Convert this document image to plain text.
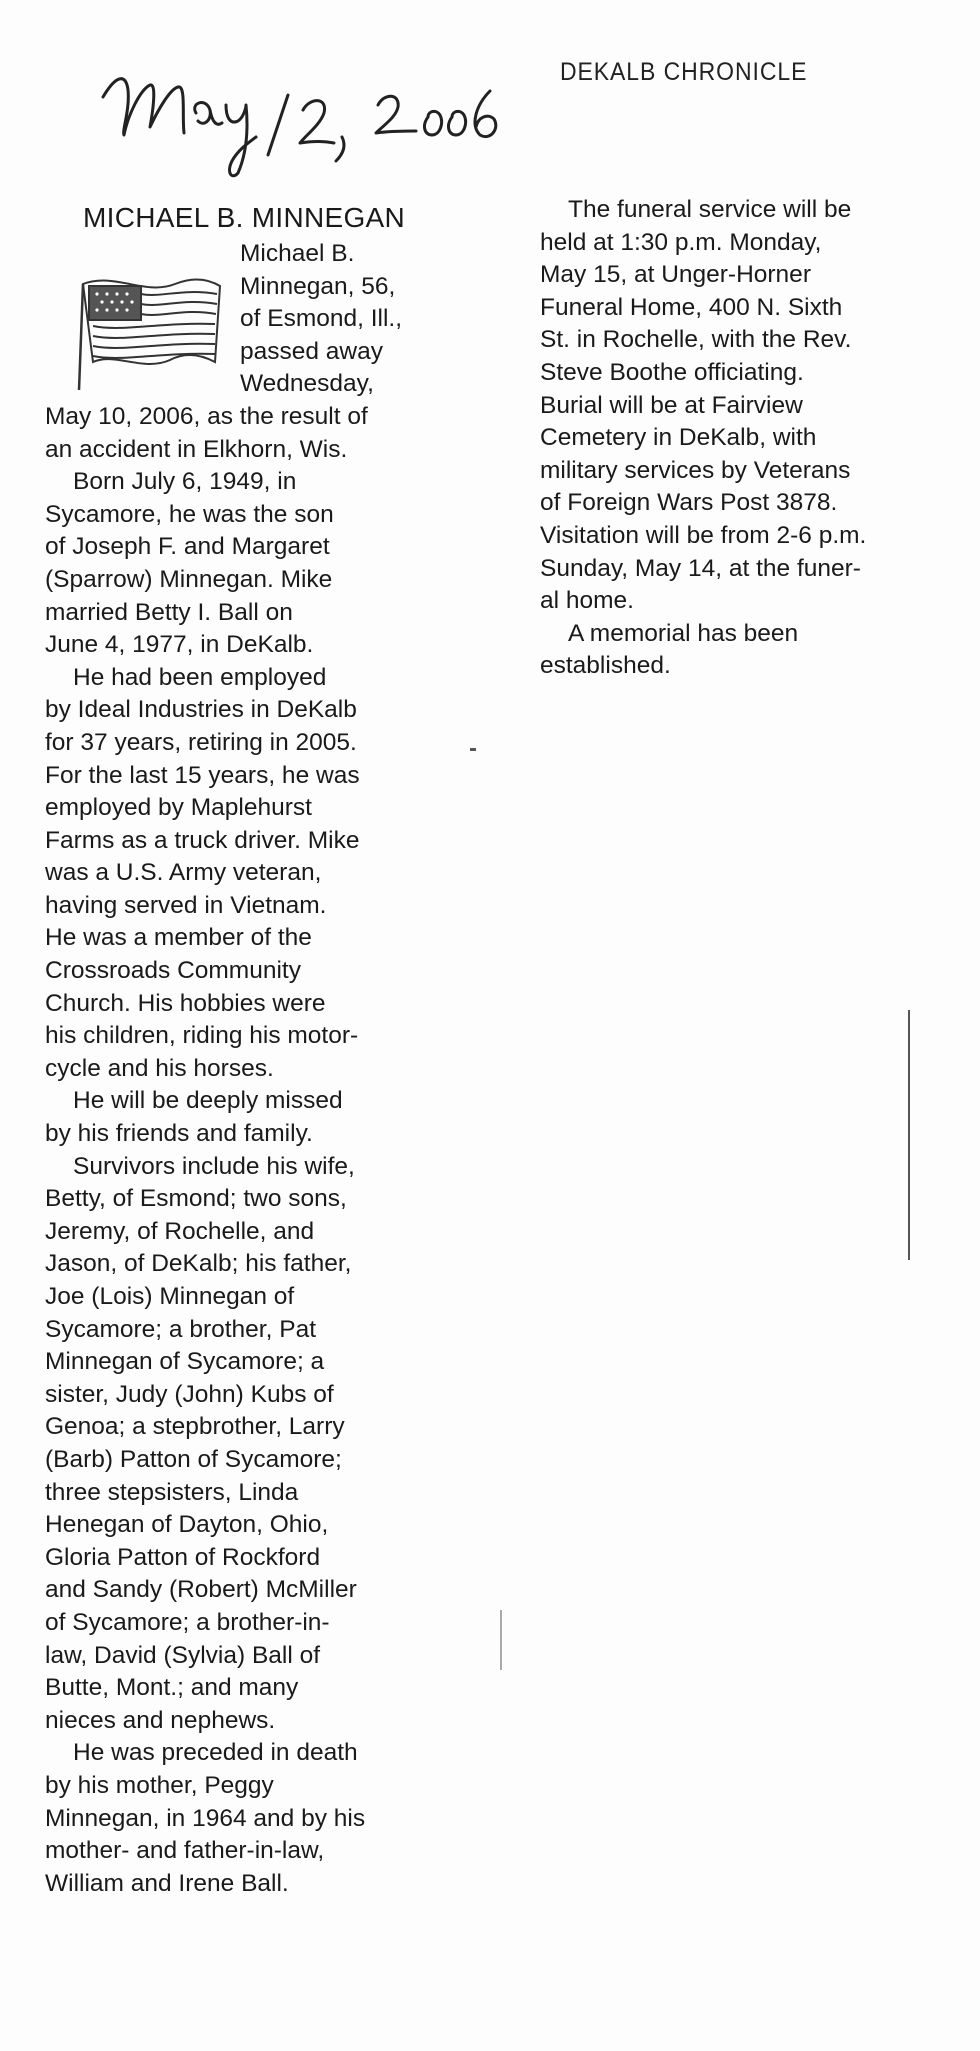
May 12, 2006
DEKALB CHRONICLE
MICHAEL B. MINNEGAN

Michael B.
Minnegan, 56,
of Esmond, Ill.,
passed away
Wednesday,

May 10, 2006, as the result of
an accident in Elkhorn, Wis.

Born July 6, 1949, in
Sycamore, he was the son
of Joseph F. and Margaret
(Sparrow) Minnegan. Mike
married Betty I. Ball on
June 4, 1977, in DeKalb.

He had been employed
by Ideal Industries in DeKalb
for 37 years, retiring in 2005.
For the last 15 years, he was
employed by Maplehurst
Farms as a truck driver. Mike
was a U.S. Army veteran,
having served in Vietnam.
He was a member of the
Crossroads Community
Church. His hobbies were
his children, riding his motor-
cycle and his horses.

He will be deeply missed
by his friends and family.

Survivors include his wife,
Betty, of Esmond; two sons,
Jeremy, of Rochelle, and
Jason, of DeKalb; his father,
Joe (Lois) Minnegan of
Sycamore; a brother, Pat
Minnegan of Sycamore; a
sister, Judy (John) Kubs of
Genoa; a stepbrother, Larry
(Barb) Patton of Sycamore;
three stepsisters, Linda
Henegan of Dayton, Ohio,
Gloria Patton of Rockford
and Sandy (Robert) McMiller
of Sycamore; a brother-in-
law, David (Sylvia) Ball of
Butte, Mont.; and many
nieces and nephews.

He was preceded in death
by his mother, Peggy
Minnegan, in 1964 and by his
mother- and father-in-law,
William and Irene Ball.

The funeral service will be
held at 1:30 p.m. Monday,
May 15, at Unger-Horner
Funeral Home, 400 N. Sixth
St. in Rochelle, with the Rev.
Steve Boothe officiating.
Burial will be at Fairview
Cemetery in DeKalb, with
military services by Veterans
of Foreign Wars Post 3878.
Visitation will be from 2-6 p.m.
Sunday, May 14, at the funer-
al home.

A memorial has been
established.
